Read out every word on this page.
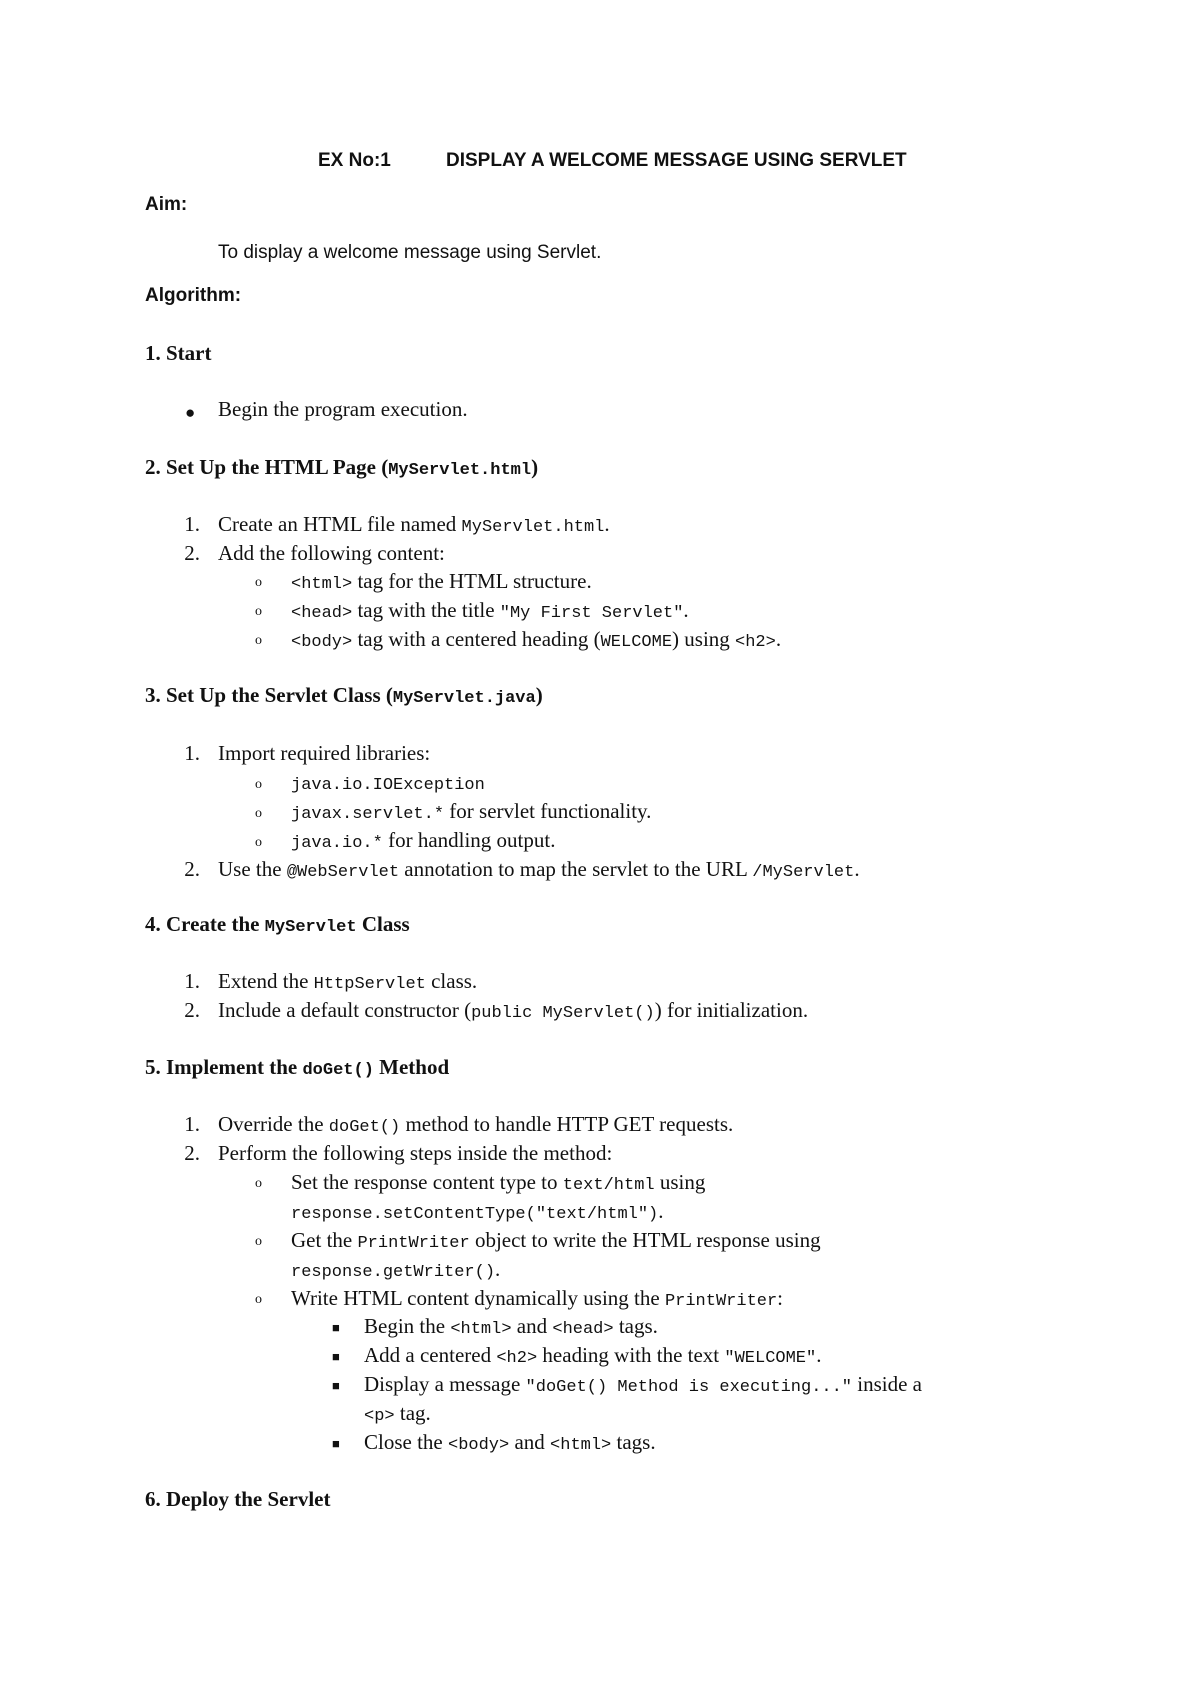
EX No:1	DISPLAY A WELCOME MESSAGE USING SERVLET
Aim:
To display a welcome message using Servlet.
Algorithm:
1. Start
● Begin the program execution.
2. Set Up the HTML Page (MyServlet.html)
1. Create an HTML file named MyServlet.html.
2. Add the following content:
o <html> tag for the HTML structure.
o <head> tag with the title "My First Servlet".
o <body> tag with a centered heading (WELCOME) using <h2>.
3. Set Up the Servlet Class (MyServlet.java)
1. Import required libraries:
o java.io.IOException
o javax.servlet.* for servlet functionality.
o java.io.* for handling output.
2. Use the @WebServlet annotation to map the servlet to the URL /MyServlet.
4. Create the MyServlet Class
1. Extend the HttpServlet class.
2. Include a default constructor (public MyServlet()) for initialization.
5. Implement the doGet() Method
1. Override the doGet() method to handle HTTP GET requests.
2. Perform the following steps inside the method:
o Set the response content type to text/html using
response.setContentType("text/html").
o Get the PrintWriter object to write the HTML response using
response.getWriter().
o Write HTML content dynamically using the PrintWriter:
■ Begin the <html> and <head> tags.
■ Add a centered <h2> heading with the text "WELCOME".
■ Display a message "doGet() Method is executing..." inside a
<p> tag.
■ Close the <body> and <html> tags.
6. Deploy the Servlet
